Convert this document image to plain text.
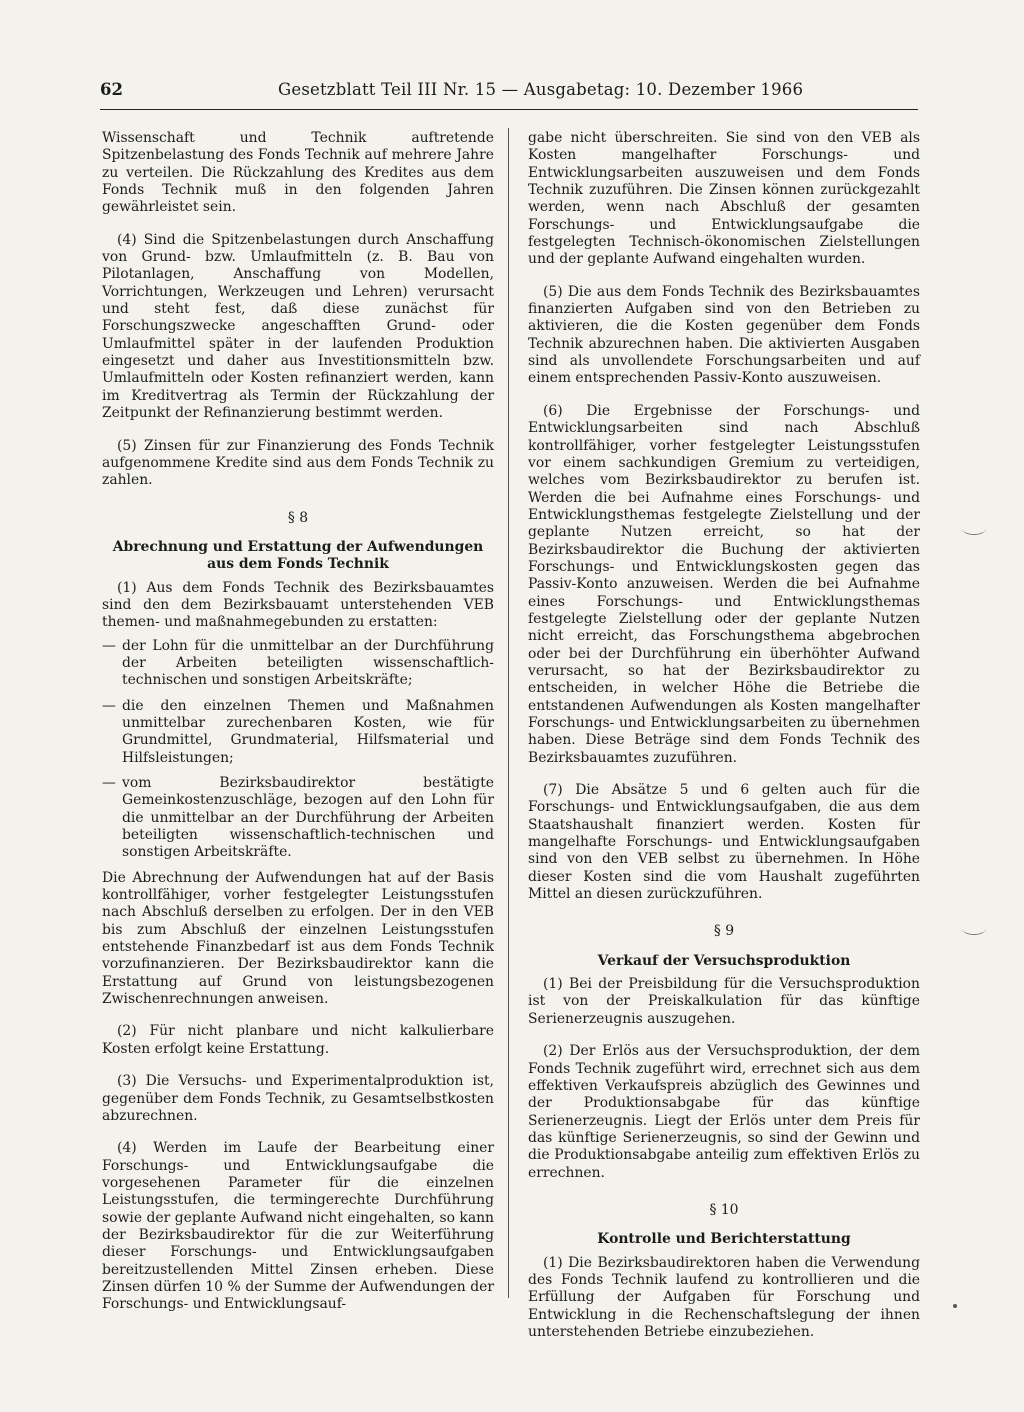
62	Gesetzblatt Teil III Nr. 15 — Ausgabetag: 10. Dezember 1966

Wissenschaft und Technik auftretende Spitzenbelastung des Fonds Technik auf mehrere Jahre zu verteilen. Die Rückzahlung des Kredites aus dem Fonds Technik muß in den folgenden Jahren gewährleistet sein.

(4) Sind die Spitzenbelastungen durch Anschaffung von Grund- bzw. Umlaufmitteln (z. B. Bau von Pilotanlagen, Anschaffung von Modellen, Vorrichtungen, Werkzeugen und Lehren) verursacht und steht fest, daß diese zunächst für Forschungszwecke angeschafften Grund- oder Umlaufmittel später in der laufenden Produktion eingesetzt und daher aus Investitionsmitteln bzw. Umlaufmitteln oder Kosten refinanziert werden, kann im Kreditvertrag als Termin der Rückzahlung der Zeitpunkt der Refinanzierung bestimmt werden.

(5) Zinsen für zur Finanzierung des Fonds Technik aufgenommene Kredite sind aus dem Fonds Technik zu zahlen.

§ 8
Abrechnung und Erstattung der Aufwendungen aus dem Fonds Technik

(1) Aus dem Fonds Technik des Bezirksbauamtes sind den dem Bezirksbauamt unterstehenden VEB themen- und maßnahmegebunden zu erstatten:

— der Lohn für die unmittelbar an der Durchführung der Arbeiten beteiligten wissenschaftlich-technischen und sonstigen Arbeitskräfte;
— die den einzelnen Themen und Maßnahmen unmittelbar zurechenbaren Kosten, wie für Grundmittel, Grundmaterial, Hilfsmaterial und Hilfsleistungen;
— vom Bezirksbaudirektor bestätigte Gemeinkostenzuschläge, bezogen auf den Lohn für die unmittelbar an der Durchführung der Arbeiten beteiligten wissenschaftlich-technischen und sonstigen Arbeitskräfte.

Die Abrechnung der Aufwendungen hat auf der Basis kontrollfähiger, vorher festgelegter Leistungsstufen nach Abschluß derselben zu erfolgen. Der in den VEB bis zum Abschluß der einzelnen Leistungsstufen entstehende Finanzbedarf ist aus dem Fonds Technik vorzufinanzieren. Der Bezirksbaudirektor kann die Erstattung auf Grund von leistungsbezogenen Zwischenrechnungen anweisen.

(2) Für nicht planbare und nicht kalkulierbare Kosten erfolgt keine Erstattung.

(3) Die Versuchs- und Experimentalproduktion ist, gegenüber dem Fonds Technik, zu Gesamtselbstkosten abzurechnen.

(4) Werden im Laufe der Bearbeitung einer Forschungs- und Entwicklungsaufgabe die vorgesehenen Parameter für die einzelnen Leistungsstufen, die termingerechte Durchführung sowie der geplante Aufwand nicht eingehalten, so kann der Bezirksbaudirektor für die zur Weiterführung dieser Forschungs- und Entwicklungsaufgaben bereitzustellenden Mittel Zinsen erheben. Diese Zinsen dürfen 10 % der Summe der Aufwendungen der Forschungs- und Entwicklungsauf-

gabe nicht überschreiten. Sie sind von den VEB als Kosten mangelhafter Forschungs- und Entwicklungsarbeiten auszuweisen und dem Fonds Technik zuzuführen. Die Zinsen können zurückgezahlt werden, wenn nach Abschluß der gesamten Forschungs- und Entwicklungsaufgabe die festgelegten Technisch-ökonomischen Zielstellungen und der geplante Aufwand eingehalten wurden.

(5) Die aus dem Fonds Technik des Bezirksbauamtes finanzierten Aufgaben sind von den Betrieben zu aktivieren, die die Kosten gegenüber dem Fonds Technik abzurechnen haben. Die aktivierten Ausgaben sind als unvollendete Forschungsarbeiten und auf einem entsprechenden Passiv-Konto auszuweisen.

(6) Die Ergebnisse der Forschungs- und Entwicklungsarbeiten sind nach Abschluß kontrollfähiger, vorher festgelegter Leistungsstufen vor einem sachkundigen Gremium zu verteidigen, welches vom Bezirksbaudirektor zu berufen ist. Werden die bei Aufnahme eines Forschungs- und Entwicklungsthemas festgelegte Zielstellung und der geplante Nutzen erreicht, so hat der Bezirksbaudirektor die Buchung der aktivierten Forschungs- und Entwicklungskosten gegen das Passiv-Konto anzuweisen. Werden die bei Aufnahme eines Forschungs- und Entwicklungsthemas festgelegte Zielstellung oder der geplante Nutzen nicht erreicht, das Forschungsthema abgebrochen oder bei der Durchführung ein überhöhter Aufwand verursacht, so hat der Bezirksbaudirektor zu entscheiden, in welcher Höhe die Betriebe die entstandenen Aufwendungen als Kosten mangelhafter Forschungs- und Entwicklungsarbeiten zu übernehmen haben. Diese Beträge sind dem Fonds Technik des Bezirksbauamtes zuzuführen.

(7) Die Absätze 5 und 6 gelten auch für die Forschungs- und Entwicklungsaufgaben, die aus dem Staatshaushalt finanziert werden. Kosten für mangelhafte Forschungs- und Entwicklungsaufgaben sind von den VEB selbst zu übernehmen. In Höhe dieser Kosten sind die vom Haushalt zugeführten Mittel an diesen zurückzuführen.

§ 9
Verkauf der Versuchsproduktion

(1) Bei der Preisbildung für die Versuchsproduktion ist von der Preiskalkulation für das künftige Serienerzeugnis auszugehen.

(2) Der Erlös aus der Versuchsproduktion, der dem Fonds Technik zugeführt wird, errechnet sich aus dem effektiven Verkaufspreis abzüglich des Gewinnes und der Produktionsabgabe für das künftige Serienerzeugnis. Liegt der Erlös unter dem Preis für das künftige Serienerzeugnis, so sind der Gewinn und die Produktionsabgabe anteilig zum effektiven Erlös zu errechnen.

§ 10
Kontrolle und Berichterstattung

(1) Die Bezirksbaudirektoren haben die Verwendung des Fonds Technik laufend zu kontrollieren und die Erfüllung der Aufgaben für Forschung und Entwicklung in die Rechenschaftslegung der ihnen unterstehenden Betriebe einzubeziehen.
